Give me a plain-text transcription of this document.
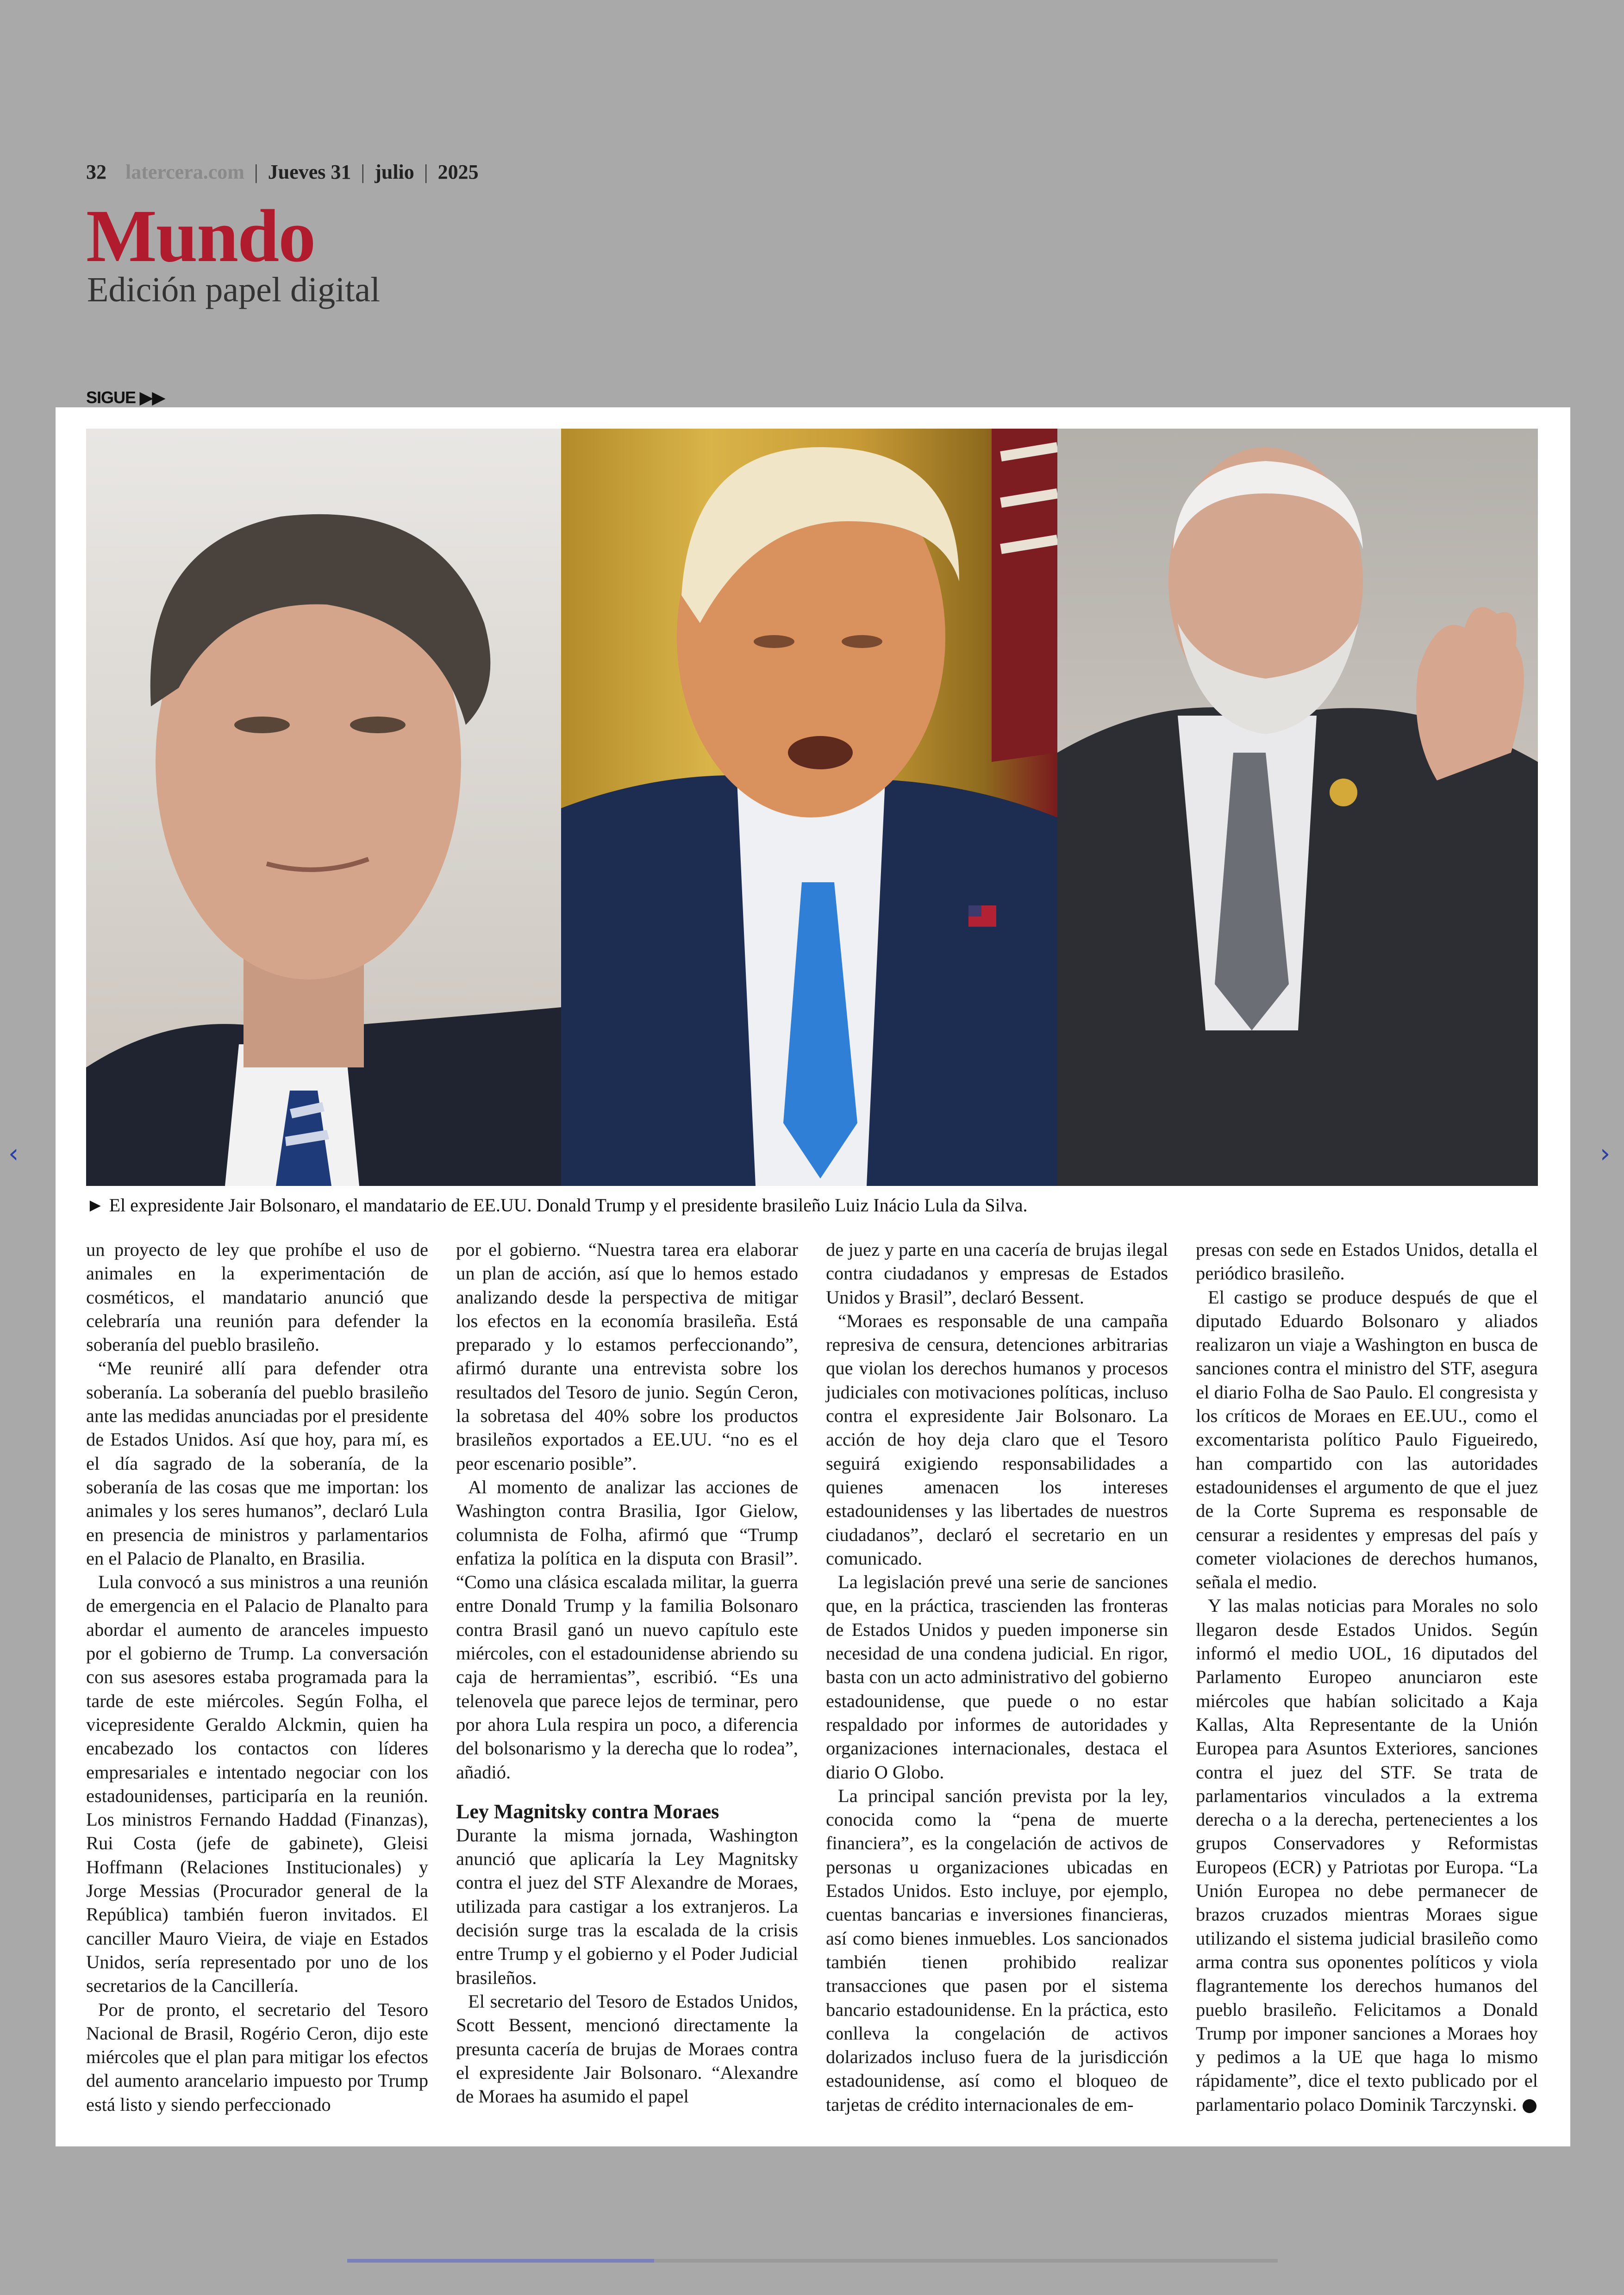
32 latercera.com | Jueves 31 | julio | 2025
Mundo
Edición papel digital
SIGUE ▶▶
‹	›
► El expresidente Jair Bolsonaro, el mandatario de EE.UU. Donald Trump y el presidente brasileño Luiz Inácio Lula da Silva.

un proyecto de ley que prohíbe el uso de animales en la experimentación de cosméticos, el mandatario anunció que celebraría una reunión para defender la soberanía del pueblo brasileño.

“Me reuniré allí para defender otra soberanía. La soberanía del pueblo brasileño ante las medidas anunciadas por el presidente de Estados Unidos. Así que hoy, para mí, es el día sagrado de la soberanía, de la soberanía de las cosas que me importan: los animales y los seres humanos”, declaró Lula en presencia de ministros y parlamentarios en el Palacio de Planalto, en Brasilia.

Lula convocó a sus ministros a una reunión de emergencia en el Palacio de Planalto para abordar el aumento de aranceles impuesto por el gobierno de Trump. La conversación con sus asesores estaba programada para la tarde de este miércoles. Según Folha, el vicepresidente Geraldo Alckmin, quien ha encabezado los contactos con líderes empresariales e intentado negociar con los estadounidenses, participaría en la reunión. Los ministros Fernando Haddad (Finanzas), Rui Costa (jefe de gabinete), Gleisi Hoffmann (Relaciones Institucionales) y Jorge Messias (Procurador general de la República) también fueron invitados. El canciller Mauro Vieira, de viaje en Estados Unidos, sería representado por uno de los secretarios de la Cancillería.

Por de pronto, el secretario del Tesoro Nacional de Brasil, Rogério Ceron, dijo este miércoles que el plan para mitigar los efectos del aumento arancelario impuesto por Trump está listo y siendo perfeccionado

por el gobierno. “Nuestra tarea era elaborar un plan de acción, así que lo hemos estado analizando desde la perspectiva de mitigar los efectos en la economía brasileña. Está preparado y lo estamos perfeccionando”, afirmó durante una entrevista sobre los resultados del Tesoro de junio. Según Ceron, la sobretasa del 40% sobre los productos brasileños exportados a EE.UU. “no es el peor escenario posible”.

Al momento de analizar las acciones de Washington contra Brasilia, Igor Gielow, columnista de Folha, afirmó que “Trump enfatiza la política en la disputa con Brasil”. “Como una clásica escalada militar, la guerra entre Donald Trump y la familia Bolsonaro contra Brasil ganó un nuevo capítulo este miércoles, con el estadounidense abriendo su caja de herramientas”, escribió. “Es una telenovela que parece lejos de terminar, pero por ahora Lula respira un poco, a diferencia del bolsonarismo y la derecha que lo rodea”, añadió.

Ley Magnitsky contra Moraes

Durante la misma jornada, Washington anunció que aplicaría la Ley Magnitsky contra el juez del STF Alexandre de Moraes, utilizada para castigar a los extranjeros. La decisión surge tras la escalada de la crisis entre Trump y el gobierno y el Poder Judicial brasileños.

El secretario del Tesoro de Estados Unidos, Scott Bessent, mencionó directamente la presunta cacería de brujas de Moraes contra el expresidente Jair Bolsonaro. “Alexandre de Moraes ha asumido el papel

de juez y parte en una cacería de brujas ilegal contra ciudadanos y empresas de Estados Unidos y Brasil”, declaró Bessent.

“Moraes es responsable de una campaña represiva de censura, detenciones arbitrarias que violan los derechos humanos y procesos judiciales con motivaciones políticas, incluso contra el expresidente Jair Bolsonaro. La acción de hoy deja claro que el Tesoro seguirá exigiendo responsabilidades a quienes amenacen los intereses estadounidenses y las libertades de nuestros ciudadanos”, declaró el secretario en un comunicado.

La legislación prevé una serie de sanciones que, en la práctica, trascienden las fronteras de Estados Unidos y pueden imponerse sin necesidad de una condena judicial. En rigor, basta con un acto administrativo del gobierno estadounidense, que puede o no estar respaldado por informes de autoridades y organizaciones internacionales, destaca el diario O Globo.

La principal sanción prevista por la ley, conocida como la “pena de muerte financiera”, es la congelación de activos de personas u organizaciones ubicadas en Estados Unidos. Esto incluye, por ejemplo, cuentas bancarias e inversiones financieras, así como bienes inmuebles. Los sancionados también tienen prohibido realizar transacciones que pasen por el sistema bancario estadounidense. En la práctica, esto conlleva la congelación de activos dolarizados incluso fuera de la jurisdicción estadounidense, así como el bloqueo de tarjetas de crédito internacionales de em-

presas con sede en Estados Unidos, detalla el periódico brasileño.

El castigo se produce después de que el diputado Eduardo Bolsonaro y aliados realizaron un viaje a Washington en busca de sanciones contra el ministro del STF, asegura el diario Folha de Sao Paulo. El congresista y los críticos de Moraes en EE.UU., como el excomentarista político Paulo Figueiredo, han compartido con las autoridades estadounidenses el argumento de que el juez de la Corte Suprema es responsable de censurar a residentes y empresas del país y cometer violaciones de derechos humanos, señala el medio.

Y las malas noticias para Morales no solo llegaron desde Estados Unidos. Según informó el medio UOL, 16 diputados del Parlamento Europeo anunciaron este miércoles que habían solicitado a Kaja Kallas, Alta Representante de la Unión Europea para Asuntos Exteriores, sanciones contra el juez del STF. Se trata de parlamentarios vinculados a la extrema derecha o a la derecha, pertenecientes a los grupos Conservadores y Reformistas Europeos (ECR) y Patriotas por Europa. “La Unión Europea no debe permanecer de brazos cruzados mientras Moraes sigue utilizando el sistema judicial brasileño como arma contra sus oponentes políticos y viola flagrantemente los derechos humanos del pueblo brasileño. Felicitamos a Donald Trump por imponer sanciones a Moraes hoy y pedimos a la UE que haga lo mismo rápidamente”, dice el texto publicado por el parlamentario polaco Dominik Tarczynski.
